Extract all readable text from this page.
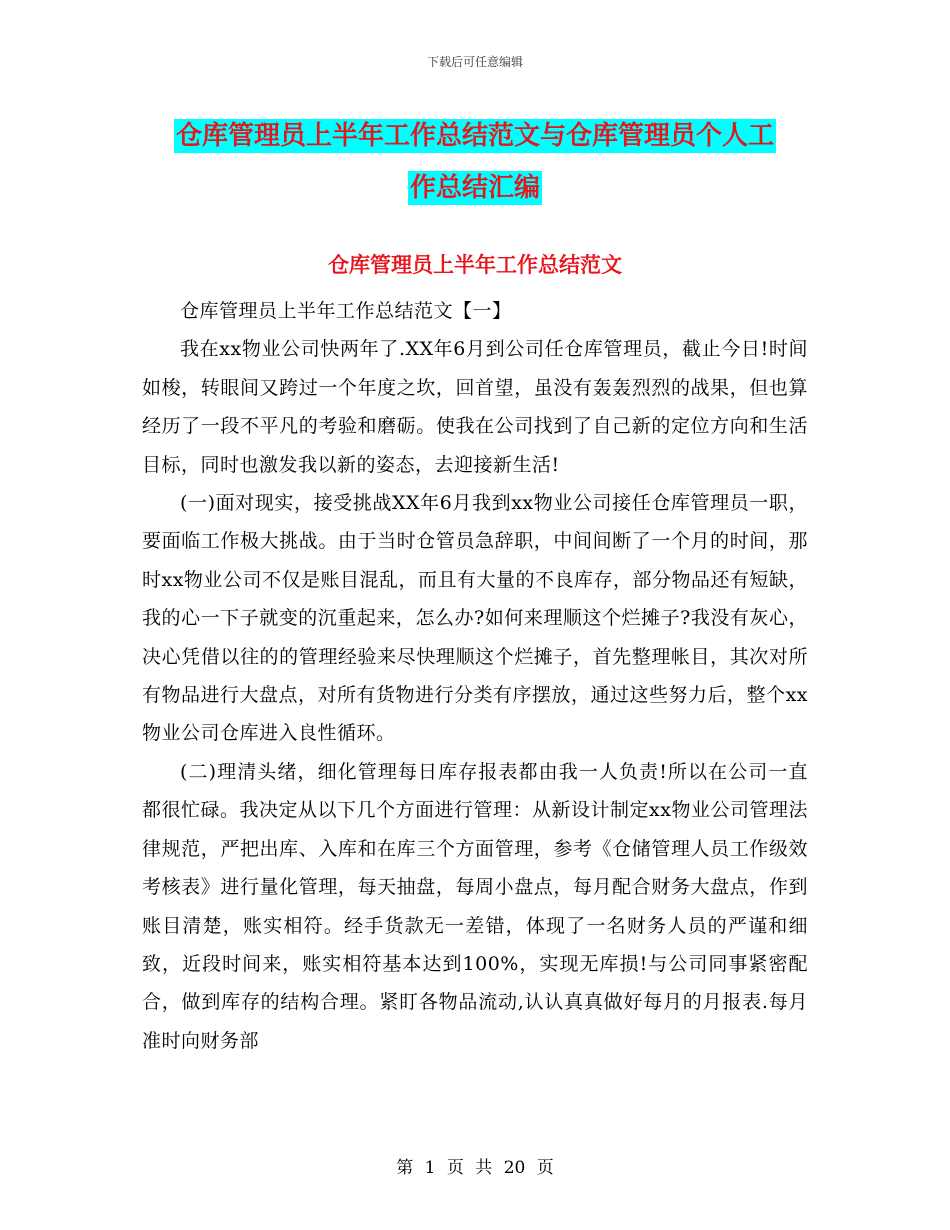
下载后可任意编辑
仓库管理员上半年工作总结范文与仓库管理员个人工
作总结汇编
仓库管理员上半年工作总结范文

仓库管理员上半年工作总结范文【一】

我在xx物业公司快两年了.XX年6月到公司任仓库管理员，截止今日!时间如梭，转眼间又跨过一个年度之坎，回首望，虽没有轰轰烈烈的战果，但也算经历了一段不平凡的考验和磨砺。使我在公司找到了自己新的定位方向和生活目标，同时也激发我以新的姿态，去迎接新生活!

(一)面对现实，接受挑战XX年6月我到xx物业公司接任仓库管理员一职，要面临工作极大挑战。由于当时仓管员急辞职，中间间断了一个月的时间，那时xx物业公司不仅是账目混乱，而且有大量的不良库存，部分物品还有短缺，我的心一下子就变的沉重起来，怎么办?如何来理顺这个烂摊子?我没有灰心，决心凭借以往的的管理经验来尽快理顺这个烂摊子，首先整理帐目，其次对所有物品进行大盘点，对所有货物进行分类有序摆放，通过这些努力后，整个xx物业公司仓库进入良性循环。

(二)理清头绪，细化管理每日库存报表都由我一人负责!所以在公司一直都很忙碌。我决定从以下几个方面进行管理：从新设计制定xx物业公司管理法律规范，严把出库、入库和在库三个方面管理，参考《仓储管理人员工作级效考核表》进行量化管理，每天抽盘，每周小盘点，每月配合财务大盘点，作到账目清楚，账实相符。经手货款无一差错，体现了一名财务人员的严谨和细致，近段时间来，账实相符基本达到100%，实现无库损!与公司同事紧密配合，做到库存的结构合理。紧盯各物品流动,认认真真做好每月的月报表.每月准时向财务部

第 1 页 共 20 页
